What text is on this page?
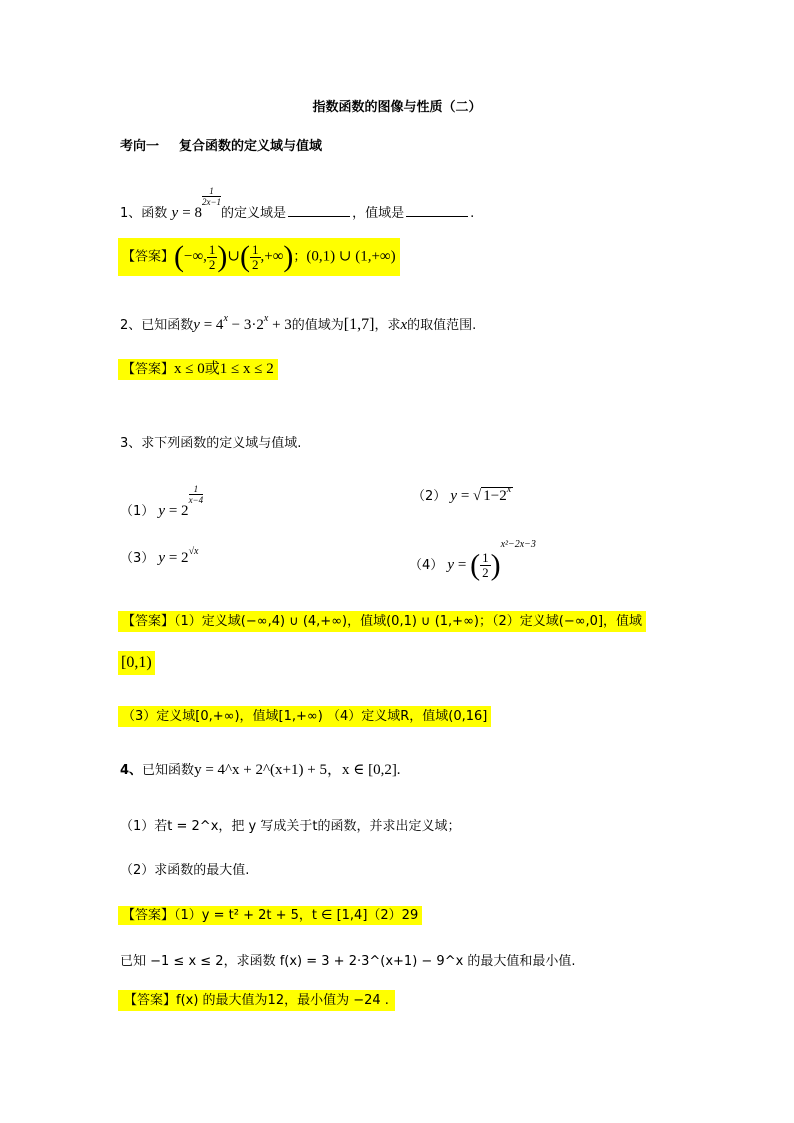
指数函数的图像与性质（二）
考向一 复合函数的定义域与值域
1、函数 y = 8
$\frac{1}{2x-1}$
的定义域是	，值域是	.
【答案】(−∞, $\frac{1}{2}$ )∪( $\frac{1}{2}$ ,+∞)；(0,1) ∪ (1,+∞)
2、已知函数$y = 4^x - 3\cdot 2^x + 3$的值域为[1,7]，求x的取值范围.
【答案】x ≤ 0或1 ≤ x ≤ 2
3、求下列函数的定义域与值域.
（1） y = 2
$\frac{1}{x-4}$	（2） y = √ $1-2^x$
（3） $y = 2^{√x}$
（4） y = ( $\frac{1}{2} )^{x^2-2x-3}$
【答案】（1）定义域(−∞,4) ∪ (4,+∞)，值域(0,1) ∪ (1,+∞)；（2）定义域(−∞,0]，值域
[0,1)
（3）定义域[0,+∞)，值域[1,+∞) （4）定义域R，值域(0,16]
4、已知函数y = 4^x + 2^(x+1) + 5，x ∈ [0,2].
（1）若t = 2^x，把 y 写成关于t的函数，并求出定义域；
（2）求函数的最大值.
【答案】（1）y = t² + 2t + 5，t ∈ [1,4]（2）29
已知 −1 ≤ x ≤ 2，求函数 f(x) = 3 + 2·3^(x+1) − 9^x 的最大值和最小值.
【答案】f(x) 的最大值为12，最小值为 −24 .
